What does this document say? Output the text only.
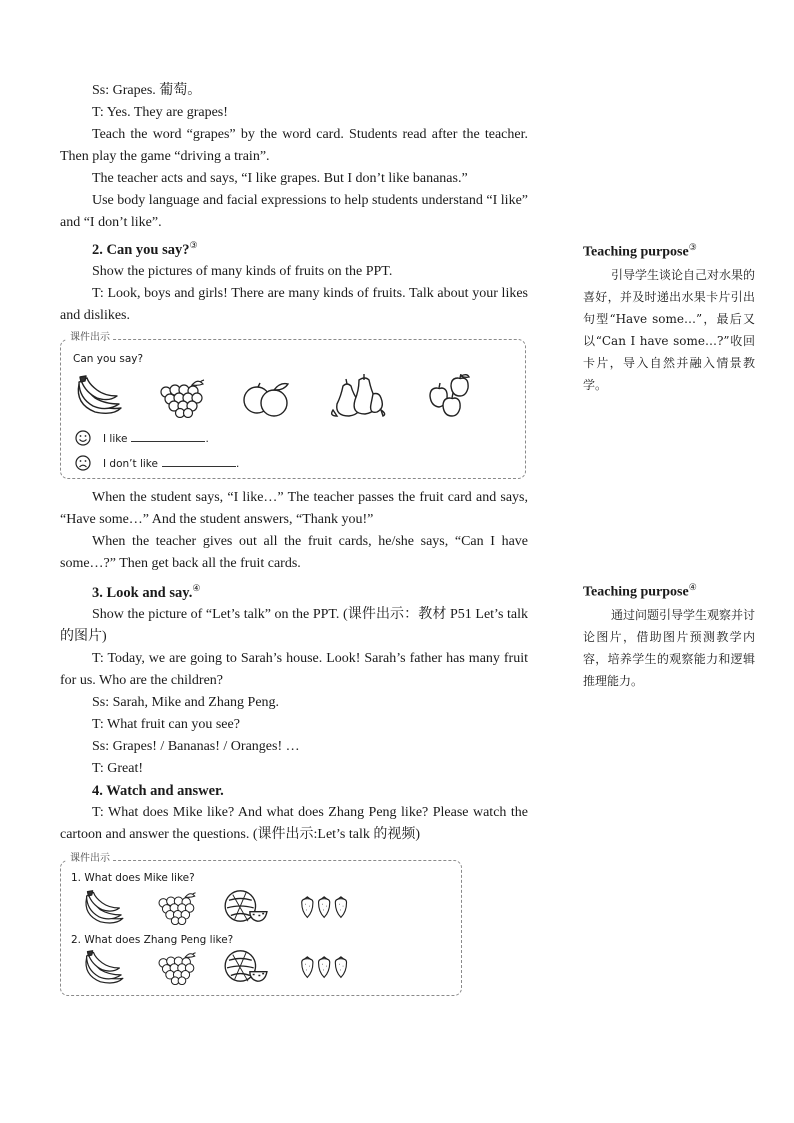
Ss: Grapes. 葡萄。

T: Yes. They are grapes!

Teach the word “grapes” by the word card. Students read after the teacher. Then play the game “driving a train”.

The teacher acts and says, “I like grapes. But I don’t like bananas.”

Use body language and facial expressions to help students understand “I like” and “I don’t like”.

2. Can you say?③

Show the pictures of many kinds of fruits on the PPT.

T: Look, boys and girls! There are many kinds of fruits. Talk about your likes and dislikes.

课件出示
Can you say?
I like	.
I don’t like	.

When the student says, “I like…” The teacher passes the fruit card and says, “Have some…” And the student answers, “Thank you!”

When the teacher gives out all the fruit cards, he/she says, “Can I have some…?” Then get back all the fruit cards.

3. Look and say.④

Show the picture of “Let’s talk” on the PPT. (课件出示：教材 P51 Let’s talk 的图片)

T: Today, we are going to Sarah’s house. Look! Sarah’s father has many fruit for us. Who are the children?

Ss: Sarah, Mike and Zhang Peng.

T: What fruit can you see?

Ss: Grapes! / Bananas! / Oranges! …

T: Great!

4. Watch and answer.

T: What does Mike like? And what does Zhang Peng like? Please watch the cartoon and answer the questions. (课件出示:Let’s talk 的视频)

课件出示
1. What does Mike like?
2. What does Zhang Peng like?

Teaching purpose③

引导学生谈论自己对水果的喜好，并及时递出水果卡片引出句型“Have some…”，最后又以“Can I have some…?”收回卡片，导入自然并融入情景教学。

Teaching purpose④

通过问题引导学生观察并讨论图片，借助图片预测教学内容，培养学生的观察能力和逻辑推理能力。
